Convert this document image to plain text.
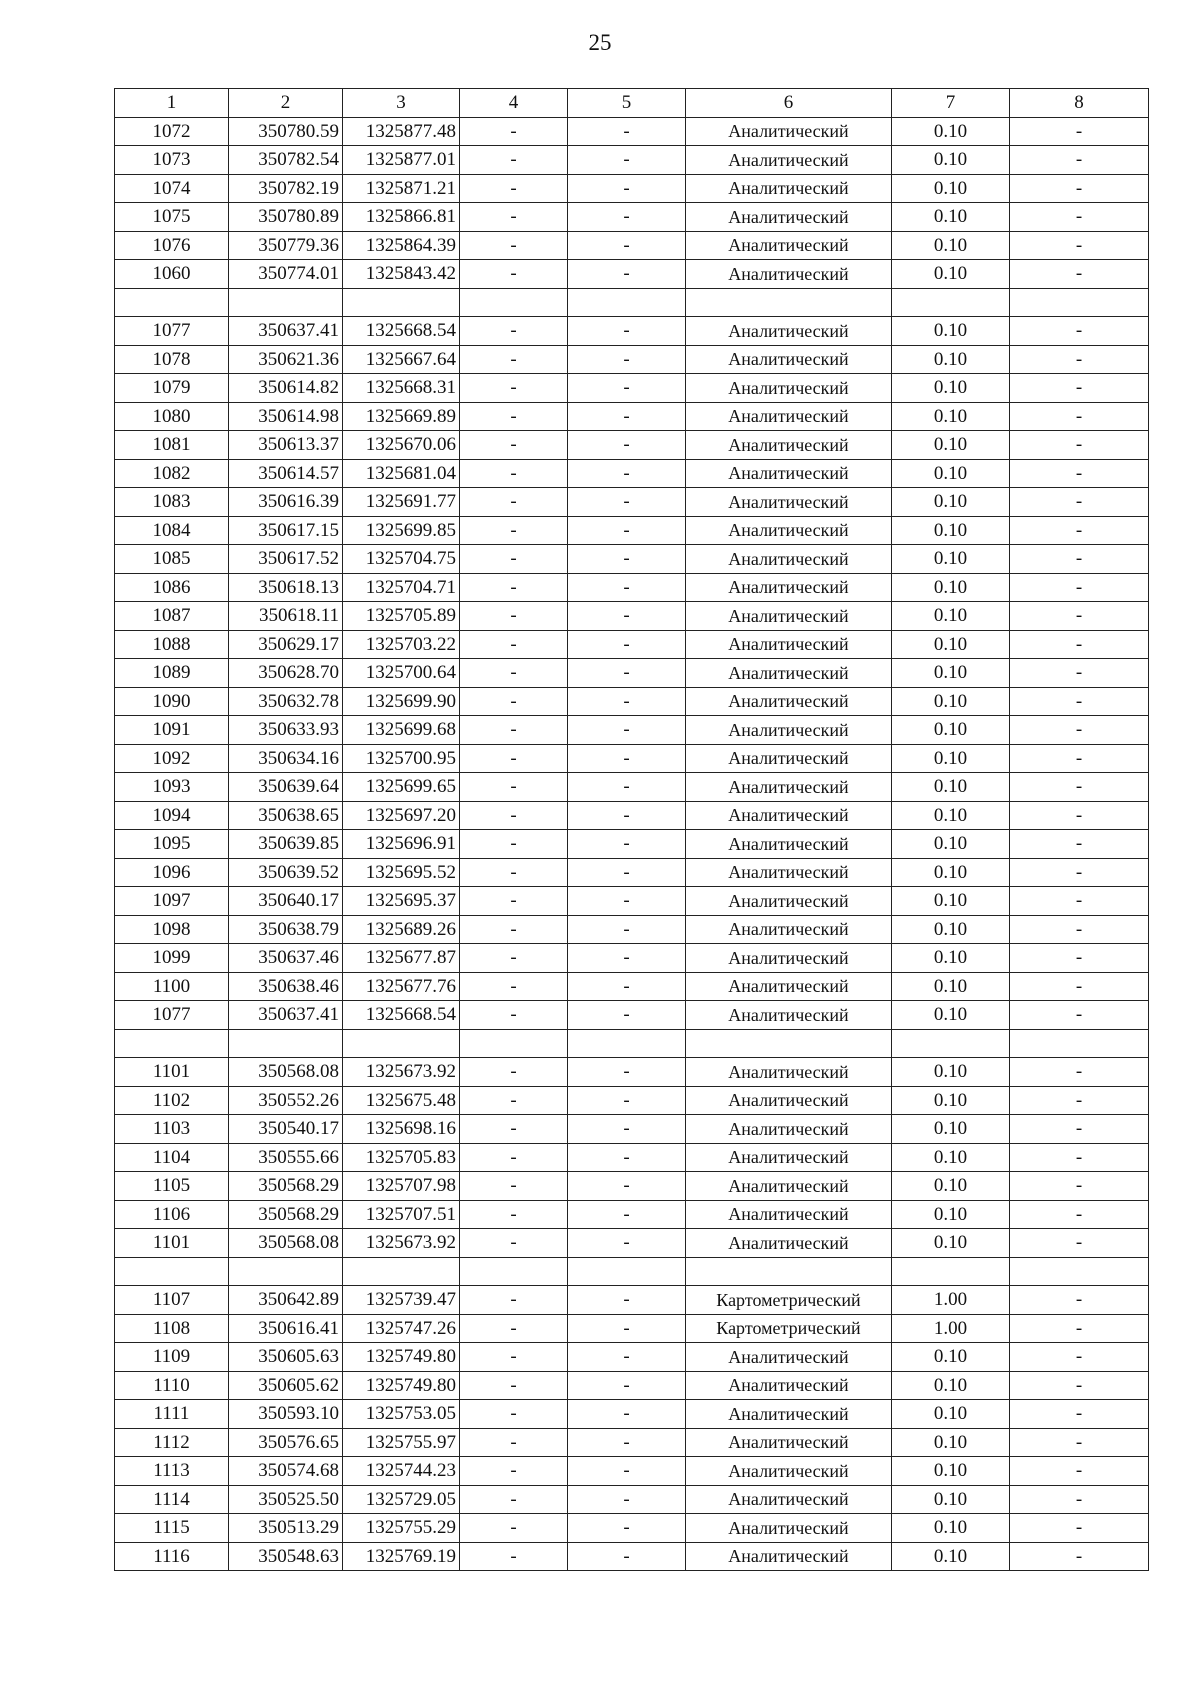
25
1	2	3	4	5	6	7	8
1072	350780.59	1325877.48	-	-	Аналитический	0.10	-
1073	350782.54	1325877.01	-	-	Аналитический	0.10	-
1074	350782.19	1325871.21	-	-	Аналитический	0.10	-
1075	350780.89	1325866.81	-	-	Аналитический	0.10	-
1076	350779.36	1325864.39	-	-	Аналитический	0.10	-
1060	350774.01	1325843.42	-	-	Аналитический	0.10	-

1077	350637.41	1325668.54	-	-	Аналитический	0.10	-
1078	350621.36	1325667.64	-	-	Аналитический	0.10	-
1079	350614.82	1325668.31	-	-	Аналитический	0.10	-
1080	350614.98	1325669.89	-	-	Аналитический	0.10	-
1081	350613.37	1325670.06	-	-	Аналитический	0.10	-
1082	350614.57	1325681.04	-	-	Аналитический	0.10	-
1083	350616.39	1325691.77	-	-	Аналитический	0.10	-
1084	350617.15	1325699.85	-	-	Аналитический	0.10	-
1085	350617.52	1325704.75	-	-	Аналитический	0.10	-
1086	350618.13	1325704.71	-	-	Аналитический	0.10	-
1087	350618.11	1325705.89	-	-	Аналитический	0.10	-
1088	350629.17	1325703.22	-	-	Аналитический	0.10	-
1089	350628.70	1325700.64	-	-	Аналитический	0.10	-
1090	350632.78	1325699.90	-	-	Аналитический	0.10	-
1091	350633.93	1325699.68	-	-	Аналитический	0.10	-
1092	350634.16	1325700.95	-	-	Аналитический	0.10	-
1093	350639.64	1325699.65	-	-	Аналитический	0.10	-
1094	350638.65	1325697.20	-	-	Аналитический	0.10	-
1095	350639.85	1325696.91	-	-	Аналитический	0.10	-
1096	350639.52	1325695.52	-	-	Аналитический	0.10	-
1097	350640.17	1325695.37	-	-	Аналитический	0.10	-
1098	350638.79	1325689.26	-	-	Аналитический	0.10	-
1099	350637.46	1325677.87	-	-	Аналитический	0.10	-
1100	350638.46	1325677.76	-	-	Аналитический	0.10	-
1077	350637.41	1325668.54	-	-	Аналитический	0.10	-

1101	350568.08	1325673.92	-	-	Аналитический	0.10	-
1102	350552.26	1325675.48	-	-	Аналитический	0.10	-
1103	350540.17	1325698.16	-	-	Аналитический	0.10	-
1104	350555.66	1325705.83	-	-	Аналитический	0.10	-
1105	350568.29	1325707.98	-	-	Аналитический	0.10	-
1106	350568.29	1325707.51	-	-	Аналитический	0.10	-
1101	350568.08	1325673.92	-	-	Аналитический	0.10	-

1107	350642.89	1325739.47	-	-	Картометрический	1.00	-
1108	350616.41	1325747.26	-	-	Картометрический	1.00	-
1109	350605.63	1325749.80	-	-	Аналитический	0.10	-
1110	350605.62	1325749.80	-	-	Аналитический	0.10	-
1111	350593.10	1325753.05	-	-	Аналитический	0.10	-
1112	350576.65	1325755.97	-	-	Аналитический	0.10	-
1113	350574.68	1325744.23	-	-	Аналитический	0.10	-
1114	350525.50	1325729.05	-	-	Аналитический	0.10	-
1115	350513.29	1325755.29	-	-	Аналитический	0.10	-
1116	350548.63	1325769.19	-	-	Аналитический	0.10	-
